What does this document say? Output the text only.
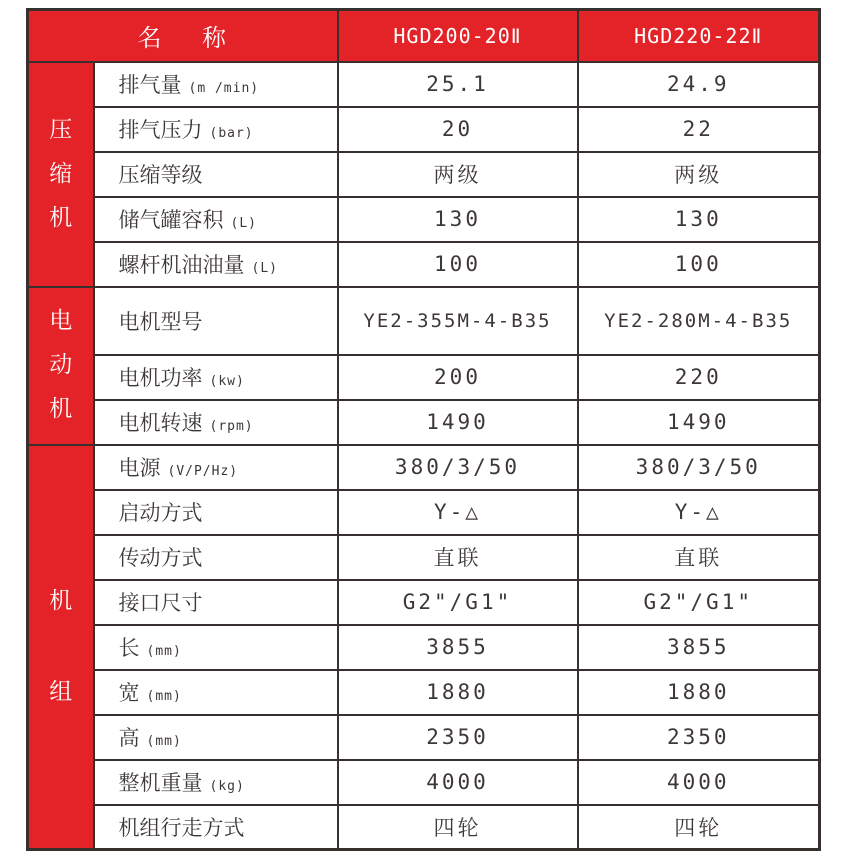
名    称		HGD200-20Ⅱ	HGD220-22Ⅱ

压
缩
机	排气量 (m /min)	25.1	24.9
	排气压力 (bar)	20	22
	压缩等级	两级	两级
	储气罐容积 (L)	130	130
	螺杆机油油量 (L)	100	100

电
动
机	电机型号	YE2-355M-4-B35	YE2-280M-4-B35
	电机功率 (kw)	200	220
	电机转速 (rpm)	1490	1490

机
组	电源 (V/P/Hz)	380/3/50	380/3/50
	启动方式	Y-△	Y-△
	传动方式	直联	直联
	接口尺寸	G2"/G1"	G2"/G1"
	长 (mm)	3855	3855
	宽 (mm)	1880	1880
	高 (mm)	2350	2350
	整机重量 (kg)	4000	4000
	机组行走方式	四轮	四轮
